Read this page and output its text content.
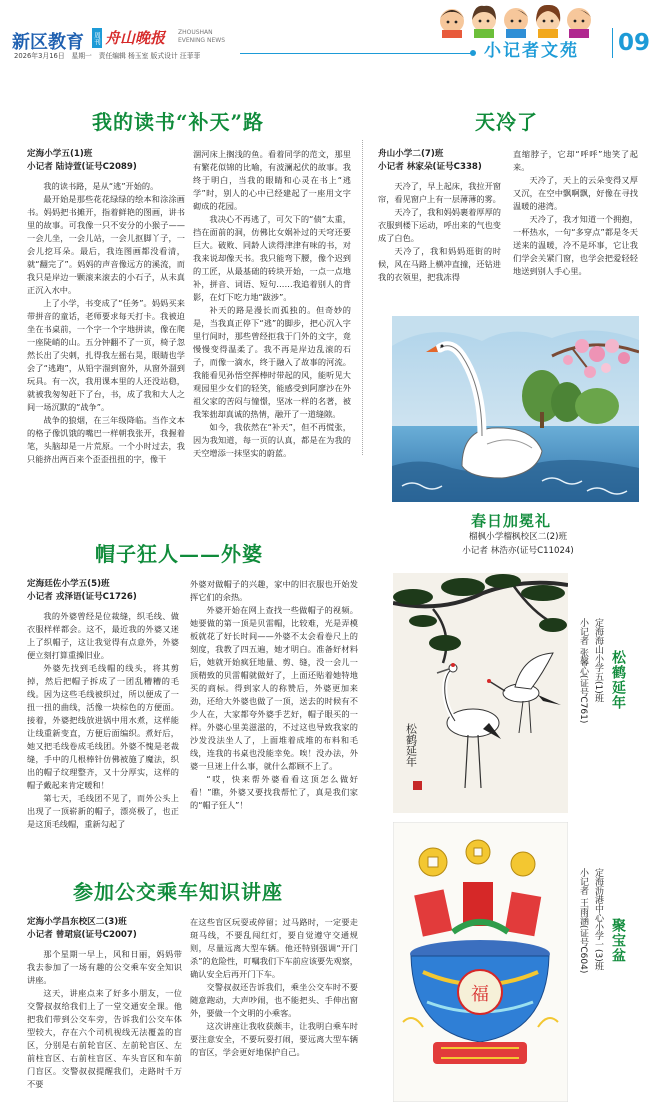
新区教育 周刊 舟山晚报 ZHOUSHAN EVENING NEWS
2026年3月16日　星期一　责任编辑 杨玉室 版式设计 汪菲菲	小记者文苑 09
我的读书“补天”路
定海小学五(1)班
小记者 陆诗萱(证号C2089)

我的读书路，是从“逃”开始的。

最开始是那些花花绿绿的绘本和涂涂画书。妈妈把书摊开，指着鲜艳的图画，讲书里的故事。可我像一只不安分的小猴子——一会儿坐，一会儿站，一会儿抠脚丫子，一会儿挖耳朵。最后，我连图画都没看清，就“翻完了”。妈妈的声音像远方的溪流，而我只是岸边一颗滚来滚去的小石子，从未真正沉入水中。

上了小学，书变成了“任务”。妈妈买来带拼音的童话，老师要求每天打卡。我被迫坐在书桌前，一个字一个字地拼读，像在爬一座陡峭的山。五分钟翻不了一页，椅子忽然长出了尖刺，扎得我左摇右晃，眼睛也学会了“逃跑”，从铅字溜到窗外，从窗外溜到玩具。有一次，我用课本里的人还没站稳，就被我匆匆赶下了台，书，成了我和大人之间一场沉默的“战争”。

战争的狼烟，在三年级降临。当作文本的格子像饥饿的嘴巴一样朝我张开，我握着笔，头脑却是一片荒原。一个小时过去，我只能挤出两百来个歪歪扭扭的字，像干

涸河床上搁浅的鱼。看着同学的范文，那里有繁花似锦的比喻，有波澜起伏的故事。我终于明白，当我的眼睛和心灵在书上“逃学”时，别人的心中已经建起了一座用文字砌成的花园。

我决心不再逃了，可欠下的“债”太重，挡在面前的洞，仿佛比女娲补过的天穹还要巨大。破败、同龄人读得津津有味的书，对我来说却像天书。我只能弯下腰，像个迟到的工匠，从最基础的砖块开始，一点一点地补，拼音、词语、短句……我追着别人的背影，在灯下吃力地“跋涉”。

补天的路是漫长而孤独的。但奇妙的是，当我真正停下“逃”的脚步，把心沉入字里行间时，那些曾经拒我于门外的文字，竟慢慢变得温柔了。我不再是岸边乱滚的石子，而像一滴水，终于融入了故事的河流。我能看见孙悟空挥棒时带起的风，能听见大观园里少女们的轻笑，能感受到阿廖沙在外祖父家的苦闷与憧憬，坚冰一样的名著，被我笨拙却真诚的热情，融开了一道缝隙。

如今，我依然在“补天”，但不再慌张，因为我知道，每一页的认真，都是在为我的天空增添一抹坚实的蔚蓝。

天冷了
舟山小学二(7)班
小记者 林家朵(证号C338)

天冷了，早上起床，我拉开窗帘，看见窗户上有一层薄薄的雾。

天冷了，我和妈妈裹着厚厚的衣服到楼下运动，呼出来的气也变成了白色。

天冷了，我和妈妈逛街的时候，风在马路上横冲直撞，还钻进我的衣领里，把我冻得

直缩脖子，它却“呼呼”地笑了起来。

天冷了，天上的云朵变得又厚又沉，在空中飘啊飘，好像在寻找温暖的港湾。

天冷了，我才知道一个拥抱，一杯热水，一句“多穿点”都是冬天送来的温暖，冷不是坏事，它让我们学会关紧门窗，也学会把爱轻轻地送到别人手心里。

春日加冕礼
榴枫小学榴枫校区二(2)班
小记者 林浩亦(证号C11024)
帽子狂人——外婆
定海廷佐小学五(5)班
小记者 戎泽语(证号C1726)

我的外婆曾经是位裁缝，织毛线、做衣服样样都会。这不，最近我的外婆又迷上了织帽子，这让我觉得有点意外，外婆便立刻打算重操旧业。

外婆先找到毛线帽的线头，将其剪掉，然后把帽子拆成了一团乱糟糟的毛线。因为这些毛线被织过，所以便成了一扭一扭的曲线，活像一块棕色的方便面。接着，外婆把线放进锅中用水煮，这样能让线重新变直，方便后面编织。煮好后，她又把毛线卷成毛线团。外婆不愧是老裁缝，手中的几根棒针仿佛被施了魔法，织出的帽子纹理整齐，又十分厚实，这样的帽子戴起来肯定暖和！

第七天，毛线团不见了，而外公头上出现了一顶崭新的帽子，漂亮极了，也正是这顶毛线帽，重新勾起了

外婆对做帽子的兴趣，家中的旧衣服也开始发挥它们的余热。

外婆开始在网上查找一些做帽子的视频。她要做的第一顶是贝雷帽，比较难，光是弄模板就花了好长时间——外婆不太会看卷尺上的刻度，我教了四五遍，她才明白。准备好材料后，她就开始疯狂地量、剪、缝，没一会儿一顶精致的贝雷帽就做好了，上面还贴着她特地买的商标。得到家人的称赞后，外婆更加来劲，还给大外婆也做了一顶，送去的时候有不少人在，大家都夸外婆手艺好，帽子眼买的一样。外婆心里美滋滋的，不过这也导致我家的沙发没法坐人了，上面堆着成堆的布料和毛线，连我的书桌也没能幸免。唉！没办法，外婆一旦迷上什么事，就什么都顾不上了。

“哎，快来帮外婆看看这顶怎么做好看！”瞧，外婆又要找我帮忙了，真是我们家的“帽子狂人”！

松鹤延年
小记者 张馨心(证号C761) 定海海山小学五(1)班 松鹤延年
参加公交乘车知识讲座
定海小学昌东校区二(3)班
小记者 曾珺宸(证号C2007)

那个星期一早上，风和日丽，妈妈带我去参加了一场有趣的公交乘车安全知识讲座。

这天，讲座点来了好多小朋友，一位交警叔叔给我们上了一堂交通安全课。他把我们带到公交车旁，告诉我们公交车体型较大，存在六个司机视线无法覆盖的盲区，分别是右前轮盲区、左前轮盲区、左前柱盲区、右前柱盲区、车头盲区和车前门盲区。交警叔叔提醒我们，走路时千万不要

在这些盲区玩耍或停留；过马路时，一定要走斑马线，不要乱闯红灯，要自觉遵守交通规则，尽量远离大型车辆。他还特别强调“开门杀”的危险性，叮嘱我们下车前应该要先观察，确认安全后再开门下车。

交警叔叔还告诉我们，乘坐公交车时不要随意跑动，大声吵闹，也不能把头、手伸出窗外，要做一个文明的小乘客。

这次讲座让我收获颇丰，让我明白乘车时要注意安全，不要玩耍打闹，要远离大型车辆的盲区，学会更好地保护自己。

福
小记者 王雨涵(证号C604) 定海沥港中心小学一(3)班 聚宝盆
